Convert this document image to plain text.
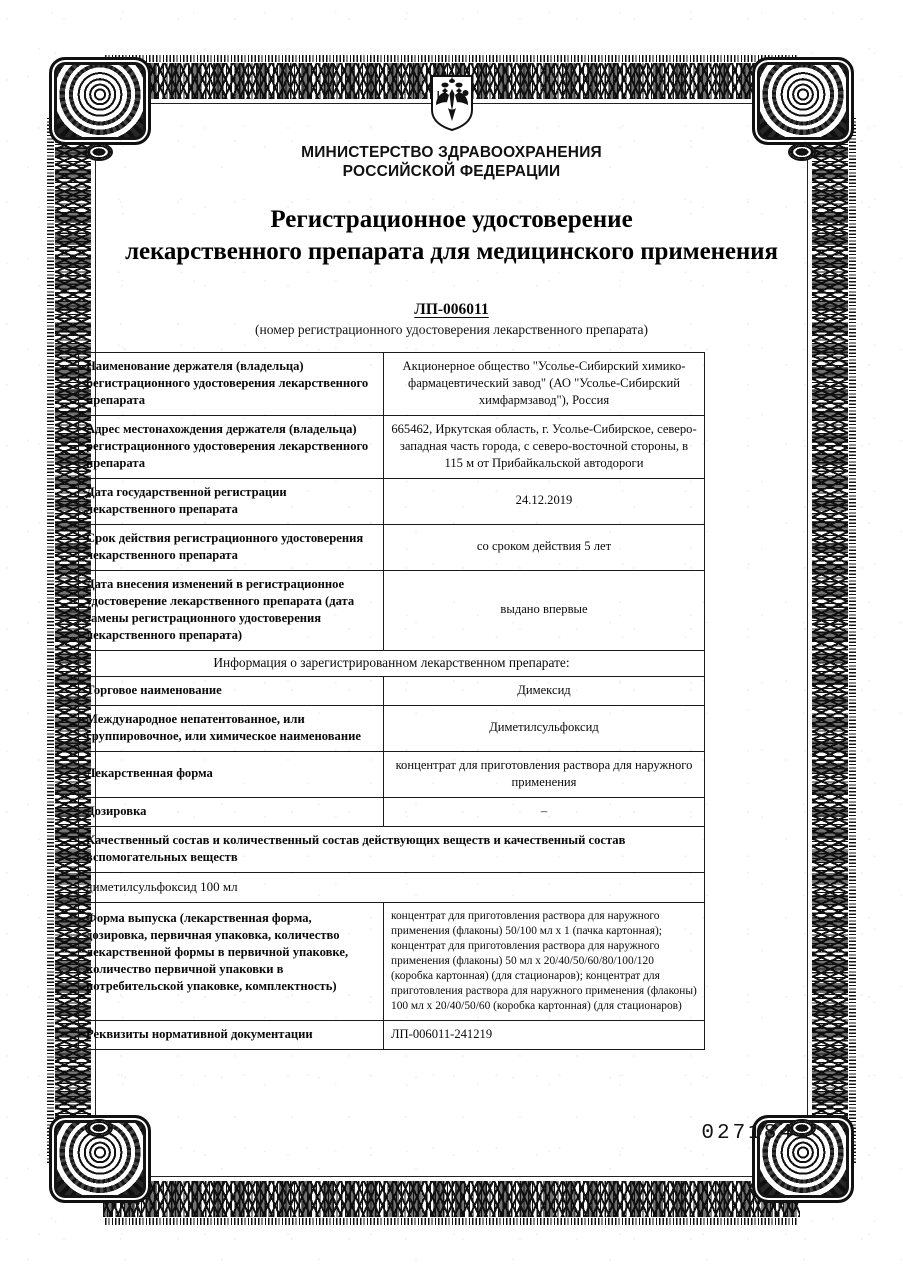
МИНИСТЕРСТВО ЗДРАВООХРАНЕНИЯ
РОССИЙСКОЙ ФЕДЕРАЦИИ
Регистрационное удостоверение
лекарственного препарата для медицинского применения
ЛП-006011
(номер регистрационного удостоверения лекарственного препарата)
Наименование держателя (владельца) регистрационного удостоверения лекарственного препарата	Акционерное общество "Усолье-Сибирский химико-фармацевтический завод" (АО "Усолье-Сибирский химфармзавод"), Россия
Адрес местонахождения держателя (владельца) регистрационного удостоверения лекарственного препарата	665462, Иркутская область, г. Усолье-Сибирское, северо-западная часть города, с северо-восточной стороны, в 115 м от Прибайкальской автодороги
Дата государственной регистрации лекарственного препарата	24.12.2019
Срок действия регистрационного удостоверения лекарственного препарата	со сроком действия 5 лет
Дата внесения изменений в регистрационное удостоверение лекарственного препарата (дата замены регистрационного удостоверения лекарственного препарата)	выдано впервые
Информация о зарегистрированном лекарственном препарате:	
Торговое наименование	Димексид
Международное непатентованное, или группировочное, или химическое наименование	Диметилсульфоксид
Лекарственная форма	концентрат для приготовления раствора для наружного применения
Дозировка	–
Качественный состав и количественный состав действующих веществ и качественный состав вспомогательных веществ	
диметилсульфоксид 100 мл	
Форма выпуска (лекарственная форма, дозировка, первичная упаковка, количество лекарственной формы в первичной упаковке, количество первичной упаковки в потребительской упаковке, комплектность)	концентрат для приготовления раствора для наружного применения (флаконы) 50/100 мл х 1 (пачка картонная); концентрат для приготовления раствора для наружного применения (флаконы) 50 мл х 20/40/50/60/80/100/120 (коробка картонная) (для стационаров); концентрат для приготовления раствора для наружного применения (флаконы) 100 мл х 20/40/50/60 (коробка картонная) (для стационаров)
Реквизиты нормативной документации	ЛП-006011-241219
027184
